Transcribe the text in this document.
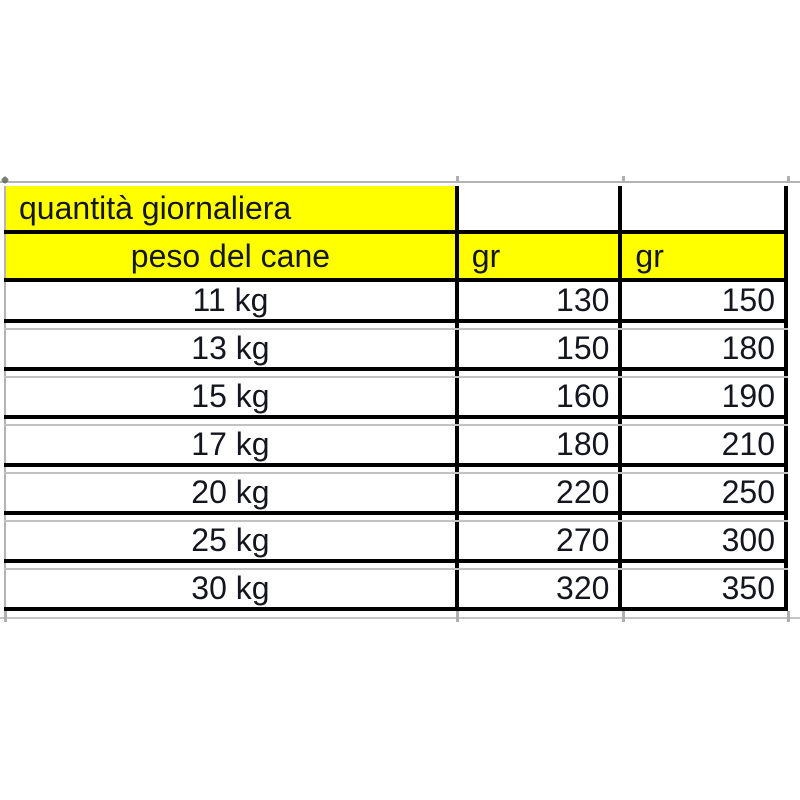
quantità giornaliera
peso del cane	gr	gr
11 kg	130	150
13 kg	150	180
15 kg	160	190
17 kg	180	210
20 kg	220	250
25 kg	270	300
30 kg	320	350
